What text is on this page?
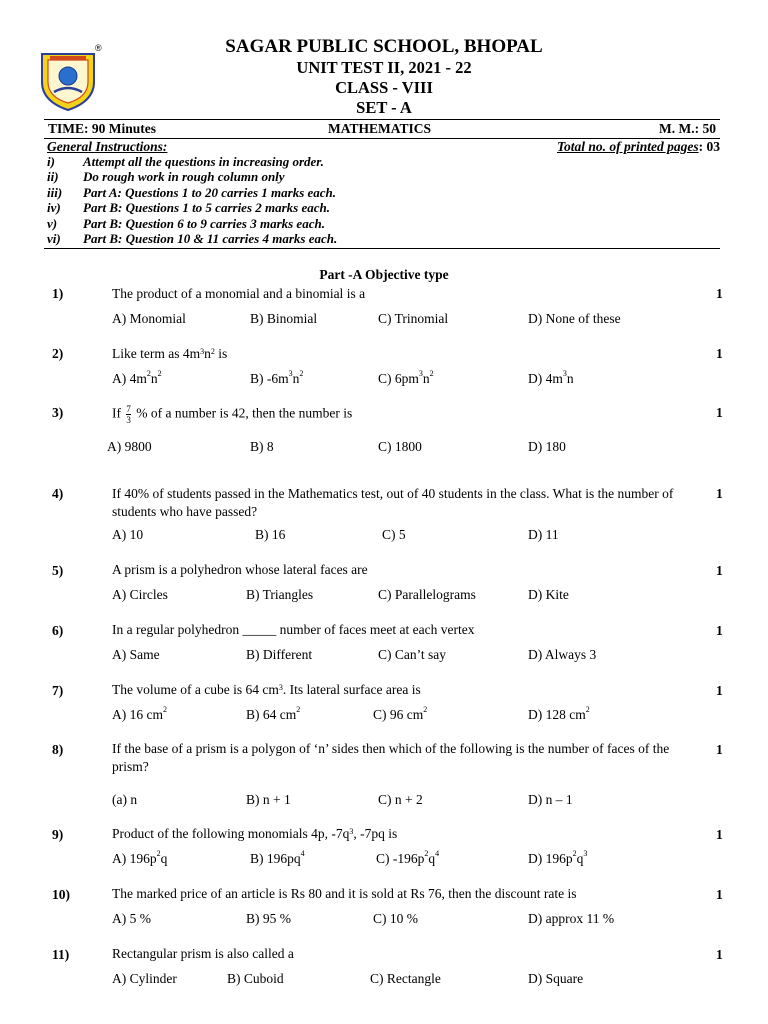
®	SAGAR PUBLIC SCHOOL, BHOPAL
UNIT TEST II, 2021 - 22
CLASS - VIII
SET - A
TIME: 90 Minutes	MATHEMATICS	M. M.: 50
General Instructions:	Total no. of printed pages: 03
i) Attempt all the questions in increasing order.
ii) Do rough work in rough column only
iii) Part A: Questions 1 to 20 carries 1 marks each.
iv) Part B: Questions 1 to 5 carries 2 marks each.
v) Part B: Question 6 to 9 carries 3 marks each.
vi) Part B: Question 10 & 11 carries 4 marks each.
Part -A Objective type
1)	The product of a monomial and a binomial is a	1
A) Monomial	B) Binomial	C) Trinomial	D) None of these
2)	Like term as $4m^3n^2$ is	1
A) $4m^2n^2$	B) $-6m^3n^2$	C) $6pm^3n^2$	D) $4m^3n$
3)	If $\frac{7}{3}$ % of a number is 42, then the number is	1
A) 9800	B) 8	C) 1800	D) 180
4)	If 40% of students passed in the Mathematics test, out of 40 students in the class. What is the number of students who have passed?
1
A) 10	B) 16	C) 5	D) 11
5)	A prism is a polyhedron whose lateral faces are	1
A) Circles	B) Triangles	C) Parallelograms	D) Kite
6)	In a regular polyhedron _____ number of faces meet at each vertex	1
A) Same	B) Different	C) Can’t say	D) Always 3
7)	The volume of a cube is 64 $cm^3$. Its lateral surface area is	1
A) 16 $cm^2$	B) 64 $cm^2$	C) 96 $cm^2$	D) 128 $cm^2$
8)	If the base of a prism is a polygon of ‘n’ sides then which of the following is the number of faces of the prism?
1
(a) n	B) n + 1	C) n + 2	D) n – 1
9)	Product of the following monomials 4p, $-7q^3$, -7pq is	1
A) $196p^2q$	B) $196pq^4$	C) $-196p^2q^4$	D) $196p^2q^3$
10)	The marked price of an article is Rs 80 and it is sold at Rs 76, then the discount rate is	1
A) 5 %	B) 95 %	C) 10 %	D) approx 11 %
11)	Rectangular prism is also called a	1
A) Cylinder	B) Cuboid	C) Rectangle	D) Square
